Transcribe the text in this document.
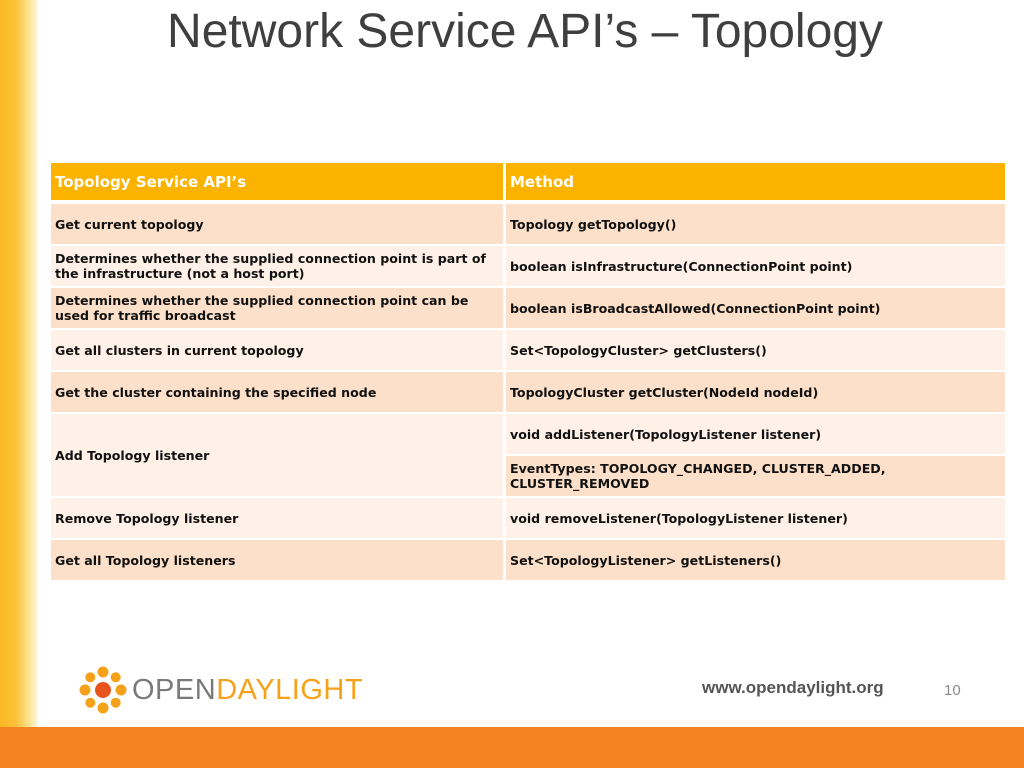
Network Service API’s – Topology
Topology Service API’s	Method
Get current topology	Topology getTopology()
Determines whether the supplied connection point is part of the infrastructure (not a host port)	boolean isInfrastructure(ConnectionPoint point)
Determines whether the supplied connection point can be used for traffic broadcast	boolean isBroadcastAllowed(ConnectionPoint point)
Get all clusters in current topology	Set<TopologyCluster> getClusters()
Get the cluster containing the specified node	TopologyCluster getCluster(NodeId nodeId)
Add Topology listener	void addListener(TopologyListener listener)
	EventTypes: TOPOLOGY_CHANGED, CLUSTER_ADDED, CLUSTER_REMOVED
Remove Topology listener	void removeListener(TopologyListener listener)
Get all Topology listeners	Set<TopologyListener> getListeners()
OPENDAYLIGHT	www.opendaylight.org	10
